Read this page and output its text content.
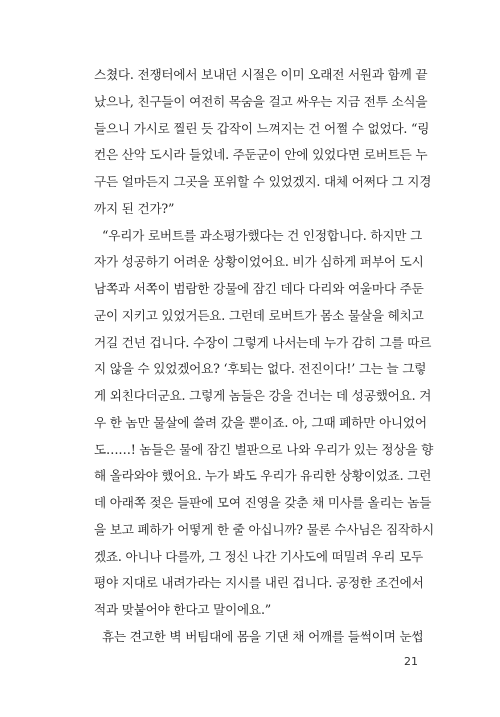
스쳤다. 전쟁터에서 보내던 시절은 이미 오래전 서원과 함께 끝
났으나, 친구들이 여전히 목숨을 걸고 싸우는 지금 전투 소식을
들으니 가시로 찔린 듯 갑작이 느껴지는 건 어쩔 수 없었다. “링
컨은 산악 도시라 들었네. 주둔군이 안에 있었다면 로버트든 누
구든 얼마든지 그곳을 포위할 수 있었겠지. 대체 어쩌다 그 지경
까지 된 건가?”
“우리가 로버트를 과소평가했다는 건 인정합니다. 하지만 그
자가 성공하기 어려운 상황이었어요. 비가 심하게 퍼부어 도시
남쪽과 서쪽이 범람한 강물에 잠긴 데다 다리와 여울마다 주둔
군이 지키고 있었거든요. 그런데 로버트가 몸소 물살을 헤치고
거길 건넌 겁니다. 수장이 그렇게 나서는데 누가 감히 그를 따르
지 않을 수 있었겠어요? ‘후퇴는 없다. 전진이다!’ 그는 늘 그렇
게 외친다더군요. 그렇게 놈들은 강을 건너는 데 성공했어요. 겨
우 한 놈만 물살에 쓸려 갔을 뿐이죠. 아, 그때 폐하만 아니었어
도……! 놈들은 물에 잠긴 벌판으로 나와 우리가 있는 정상을 향
해 올라와야 했어요. 누가 봐도 우리가 유리한 상황이었죠. 그런
데 아래쪽 젖은 들판에 모여 진영을 갖춘 채 미사를 올리는 놈들
을 보고 폐하가 어떻게 한 줄 아십니까? 물론 수사님은 짐작하시
겠죠. 아니나 다를까, 그 정신 나간 기사도에 떠밀려 우리 모두
평야 지대로 내려가라는 지시를 내린 겁니다. 공정한 조건에서
적과 맞붙어야 한다고 말이에요.”
휴는 견고한 벽 버팀대에 몸을 기댄 채 어깨를 들썩이며 눈썹
21
